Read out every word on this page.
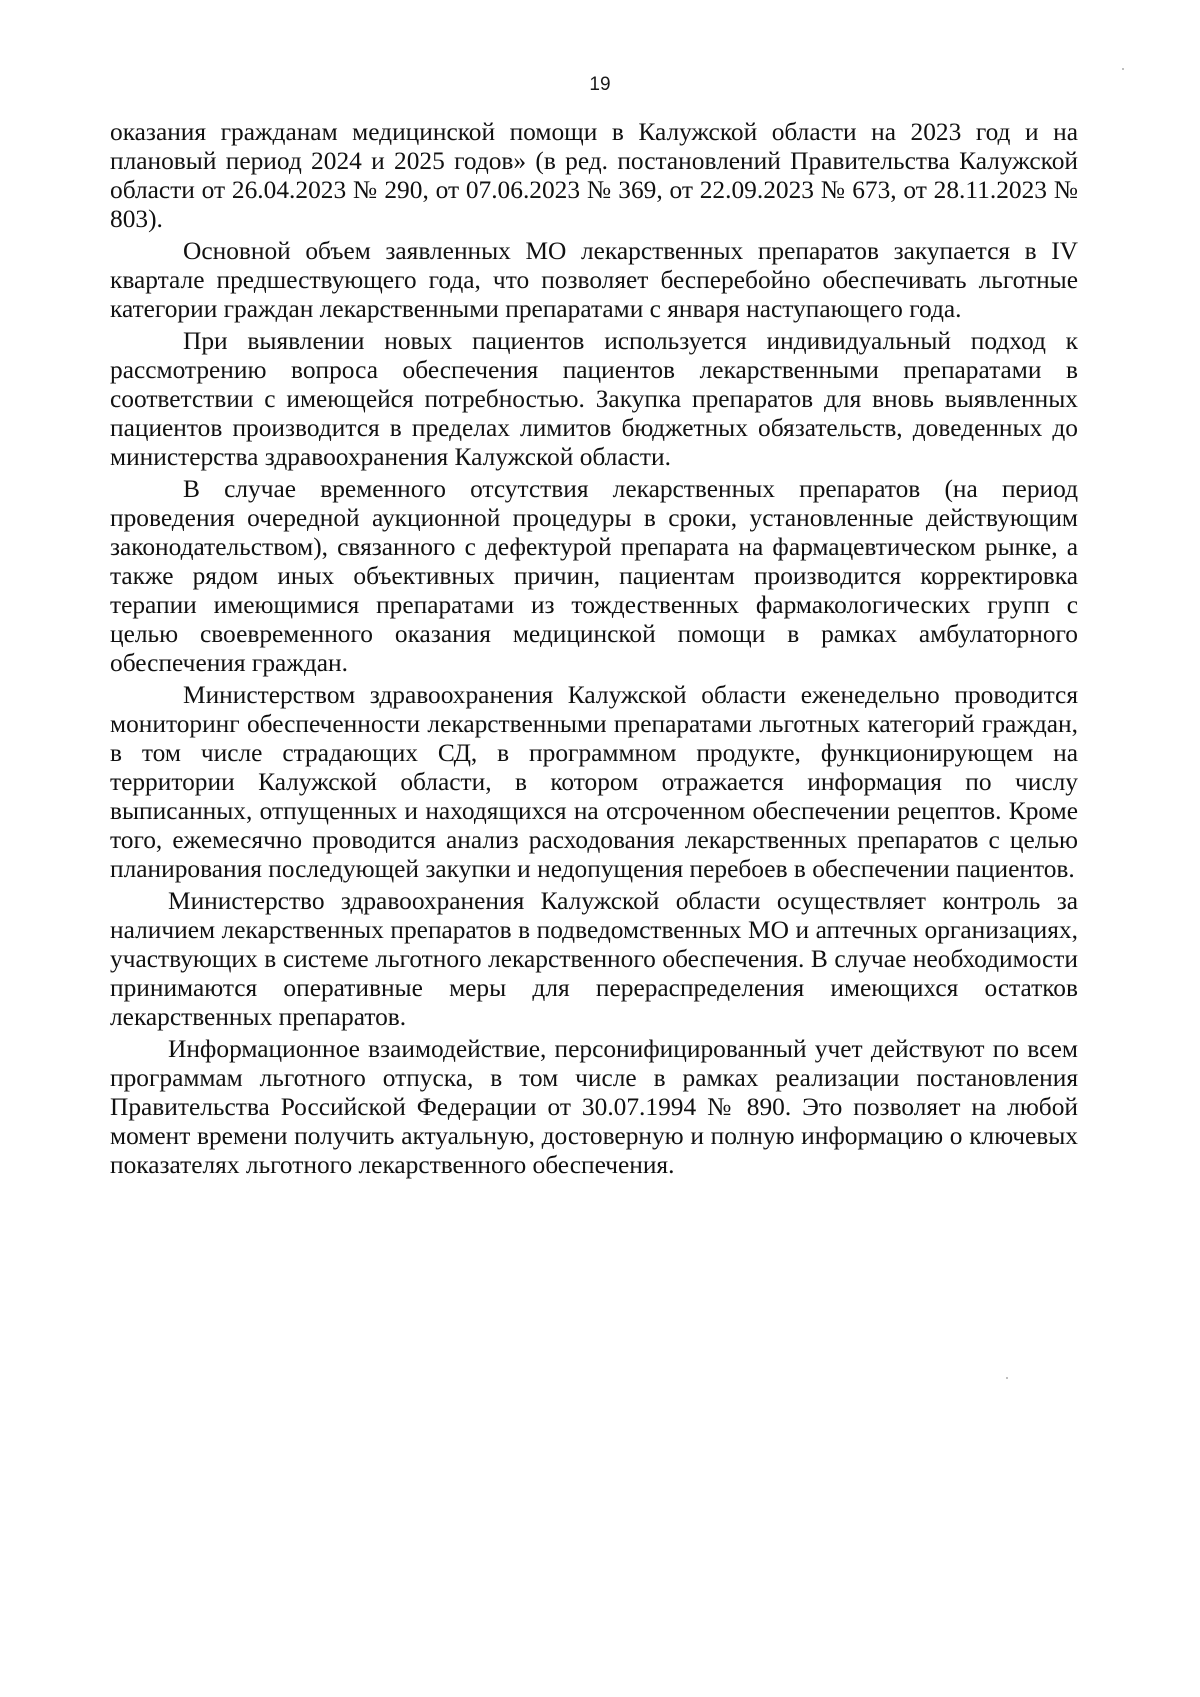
19

оказания гражданам медицинской помощи в Калужской области на 2023 год и на плановый период 2024 и 2025 годов» (в ред. постановлений Правительства Калужской области от 26.04.2023 № 290, от 07.06.2023 № 369, от 22.09.2023 № 673, от 28.11.2023 № 803).

Основной объем заявленных МО лекарственных препаратов закупается в IV квартале предшествующего года, что позволяет бесперебойно обеспечивать льготные категории граждан лекарственными препаратами с января наступающего года.

При выявлении новых пациентов используется индивидуальный подход к рассмотрению вопроса обеспечения пациентов лекарственными препаратами в соответствии с имеющейся потребностью. Закупка препаратов для вновь выявленных пациентов производится в пределах лимитов бюджетных обязательств, доведенных до министерства здравоохранения Калужской области.

В случае временного отсутствия лекарственных препаратов (на период проведения очередной аукционной процедуры в сроки, установленные действующим законодательством), связанного с дефектурой препарата на фармацевтическом рынке, а также рядом иных объективных причин, пациентам производится корректировка терапии имеющимися препаратами из тождественных фармакологических групп с целью своевременного оказания медицинской помощи в рамках амбулаторного обеспечения граждан.

Министерством здравоохранения Калужской области еженедельно проводится мониторинг обеспеченности лекарственными препаратами льготных категорий граждан, в том числе страдающих СД, в программном продукте, функционирующем на территории Калужской области, в котором отражается информация по числу выписанных, отпущенных и находящихся на отсроченном обеспечении рецептов. Кроме того, ежемесячно проводится анализ расходования лекарственных препаратов с целью планирования последующей закупки и недопущения перебоев в обеспечении пациентов.

Министерство здравоохранения Калужской области осуществляет контроль за наличием лекарственных препаратов в подведомственных МО и аптечных организациях, участвующих в системе льготного лекарственного обеспечения. В случае необходимости принимаются оперативные меры для перераспределения имеющихся остатков лекарственных препаратов.

Информационное взаимодействие, персонифицированный учет действуют по всем программам льготного отпуска, в том числе в рамках реализации постановления Правительства Российской Федерации от 30.07.1994 № 890. Это позволяет на любой момент времени получить актуальную, достоверную и полную информацию о ключевых показателях льготного лекарственного обеспечения.
